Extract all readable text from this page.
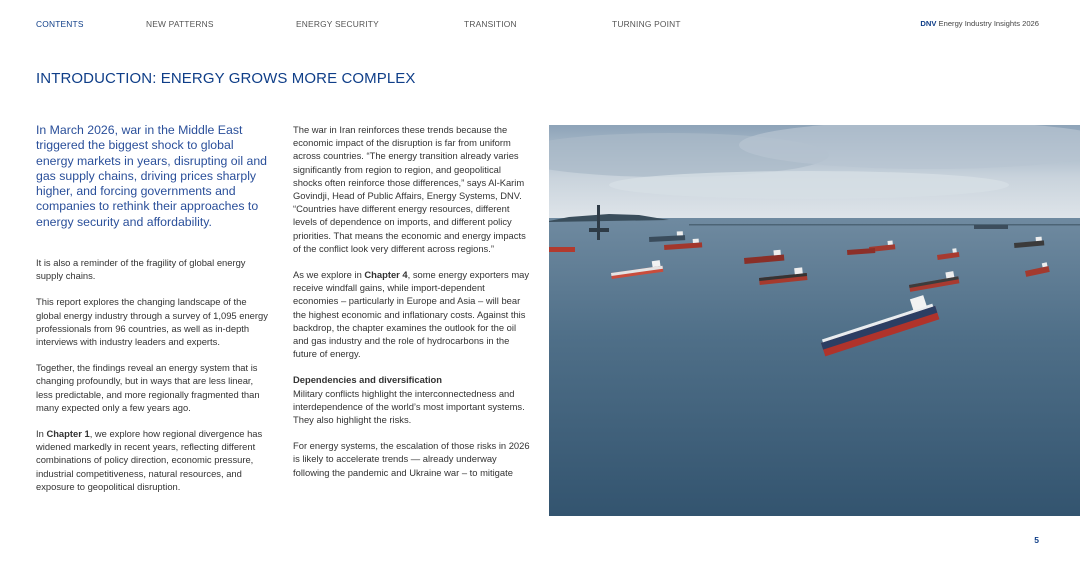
CONTENTS	NEW PATTERNS	ENERGY SECURITY	TRANSITION	TURNING POINT	DNV Energy Industry Insights 2026
INTRODUCTION: ENERGY GROWS MORE COMPLEX
In March 2026, war in the Middle East triggered the biggest shock to global energy markets in years, disrupting oil and gas supply chains, driving prices sharply higher, and forcing governments and companies to rethink their approaches to energy security and affordability.

It is also a reminder of the fragility of global energy supply chains.

This report explores the changing landscape of the global energy industry through a survey of 1,095 energy professionals from 96 countries, as well as in-depth interviews with industry leaders and experts.

Together, the findings reveal an energy system that is changing profoundly, but in ways that are less linear, less predictable, and more regionally fragmented than many expected only a few years ago.

In Chapter 1, we explore how regional divergence has widened markedly in recent years, reflecting different combinations of policy direction, economic pressure, industrial competitiveness, natural resources, and exposure to geopolitical disruption.

The war in Iran reinforces these trends because the economic impact of the disruption is far from uniform across countries. “The energy transition already varies significantly from region to region, and geopolitical shocks often reinforce those differences,” says Al-Karim Govindji, Head of Public Affairs, Energy Systems, DNV. “Countries have different energy resources, different levels of dependence on imports, and different policy priorities. That means the economic and energy impacts of the conflict look very different across regions.”

As we explore in Chapter 4, some energy exporters may receive windfall gains, while import-dependent economies – particularly in Europe and Asia – will bear the highest economic and inflationary costs. Against this backdrop, the chapter examines the outlook for the oil and gas industry and the role of hydrocarbons in the future of energy.

Dependencies and diversification

Military conflicts highlight the interconnectedness and interdependence of the world’s most important systems. They also highlight the risks.

For energy systems, the escalation of those risks in 2026 is likely to accelerate trends — already underway following the pandemic and Ukraine war – to mitigate

5
